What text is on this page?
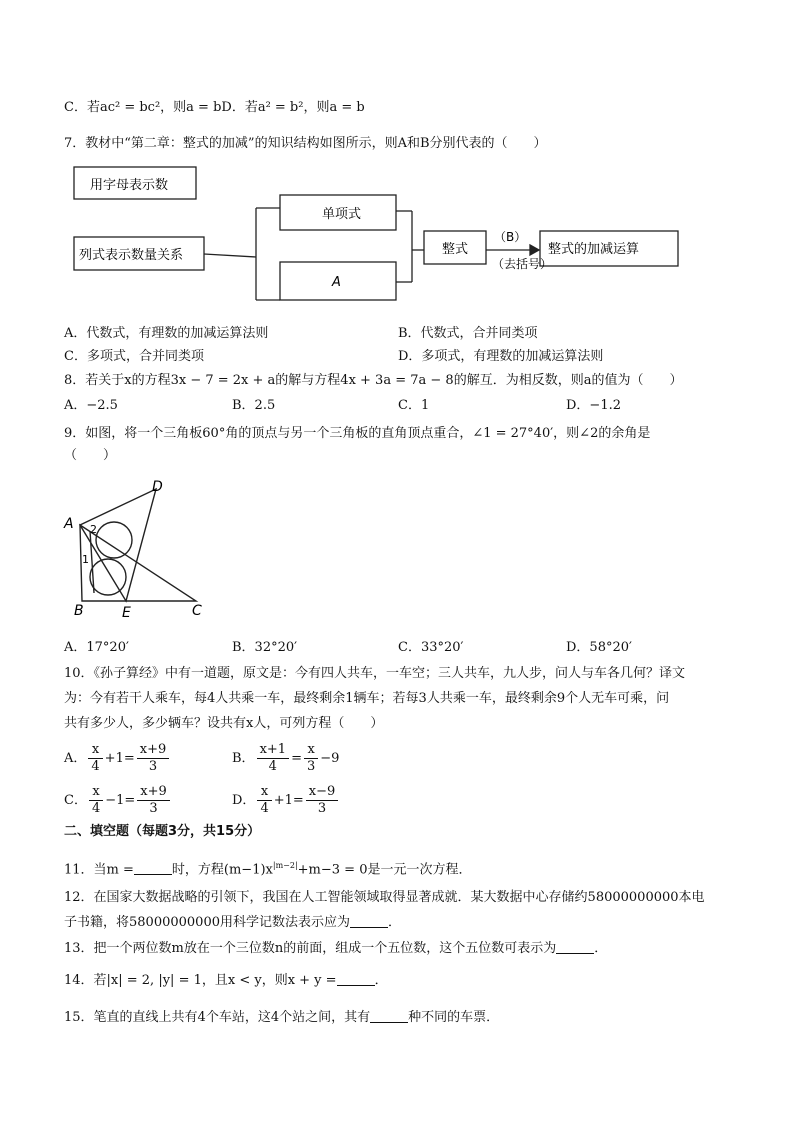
C．若ac² = bc²，则a = bD．若a² = b²，则a = b
7．教材中“第二章：整式的加减”的知识结构如图所示，则A和B分别代表的（　　）
用字母表示数
列式表示数量关系
单项式
A
整式
（B）
（去括号）
整式的加减运算
A．代数式，有理数的加减运算法则	B．代数式，合并同类项
C．多项式，合并同类项	D．多项式，有理数的加减运算法则
8．若关于x的方程3x − 7 = 2x + a的解与方程4x + 3a = 7a − 8的解互．为相反数，则a的值为（　　）
A．−2.5	B．2.5	C．1	D．−1.2
9．如图，将一个三角板60°角的顶点与另一个三角板的直角顶点重合，∠1 = 27°40′，则∠2的余角是
（　　）
A
B	C
D
E
1
2
A．17°20′	B．32°20′	C．33°20′	D．58°20′
10．《孙子算经》中有一道题，原文是：今有四人共车，一车空；三人共车，九人步，问人与车各几何？译文
为：今有若干人乘车，每4人共乘一车，最终剩余1辆车；若每3人共乘一车，最终剩余9个人无车可乘，问
共有多少人，多少辆车？设共有x人，可列方程（　　）
A． $\frac{x}{4} +1= \frac{x+9}{3}$	B． $\frac{x+1}{4} = \frac{x}{3} -9$
C． $\frac{x}{4} -1= \frac{x+9}{3}$	D． $\frac{x}{4} +1= \frac{x-9}{3}$
二、填空题（每题3分，共15分）
11．当m =	时，方程$(m-1)x^{|m-2|}+m-3 = 0$是一元一次方程．
12．在国家大数据战略的引领下，我国在人工智能领域取得显著成就．某大数据中心存储约58000000000本电
子书籍，将58000000000用科学记数法表示应为	．
13．把一个两位数m放在一个三位数n的前面，组成一个五位数，这个五位数可表示为	．
14．若|x| = 2, |y| = 1，且x < y，则x + y =	．
15．笔直的直线上共有4个车站，这4个站之间，其有	种不同的车票．
